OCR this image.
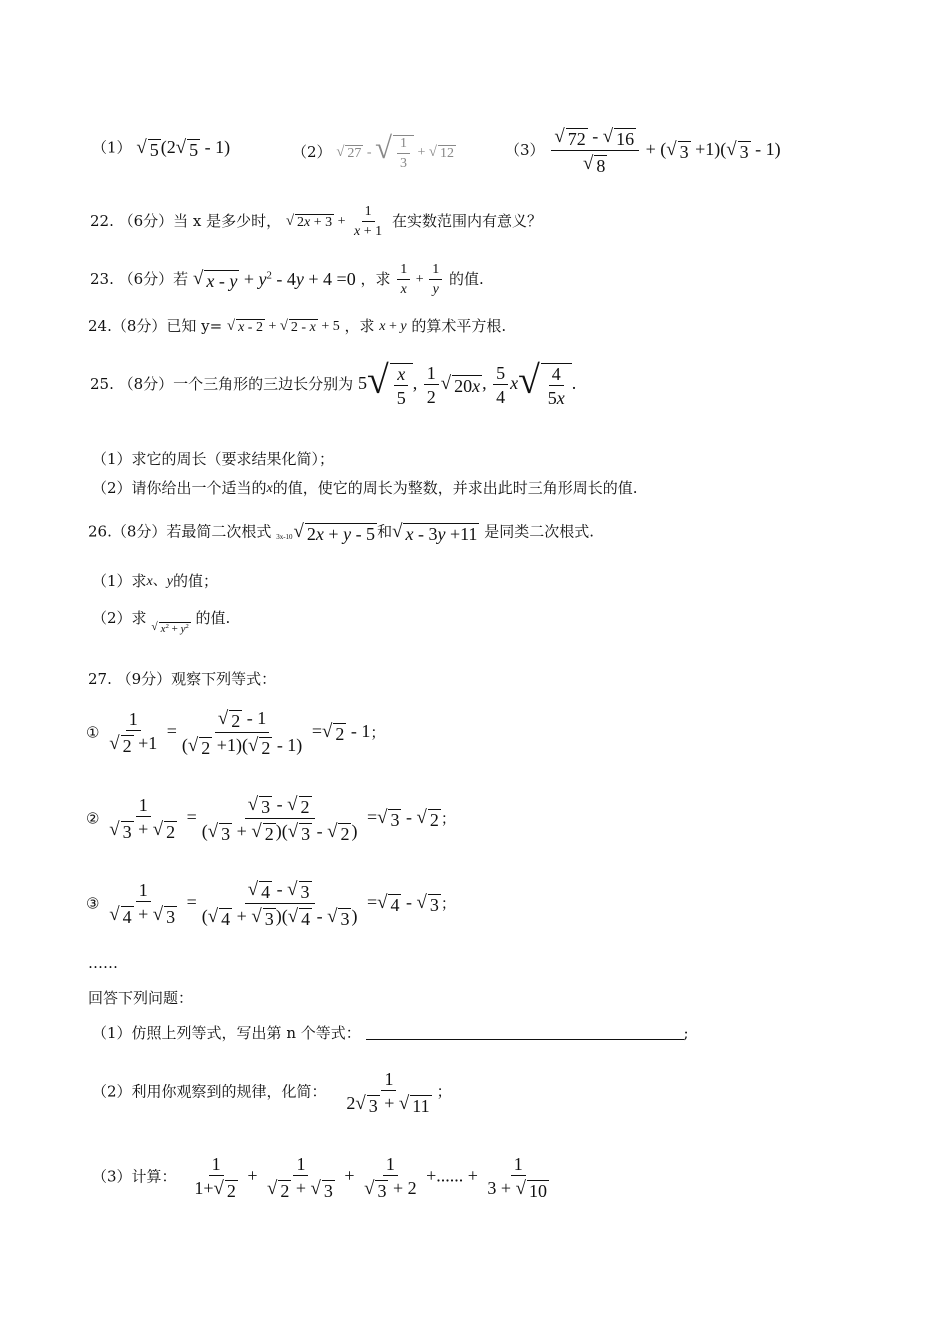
（1） √ 5 (2 √ 5 - 1)	（2） √ 27 - √ $\frac{1}{3}$ + √ 12	$(3) \frac{√ 72 - √ 16}{√ 8}$ + ( √ 3 +1)( √ 3 - 1)
22. （6分）当 x 是多少时， √ $2x + 3 + \frac{1}{x + 1}$ 在实数范围内有意义？
23. （6分）若 √ $x - y + y^2 - 4y + 4 =0$ ，求 $\frac{1}{x} + \frac{1}{y}$ 的值.
24.（8分）已知 y= √ x - 2 + √ 2 - x + 5 ，求 x + y 的算术平方根.
25. （8分）一个三角形的三边长分别为 5 √ $\frac{x}{5}$ , $\frac{1}{2}$ √ 20x , $\frac{5}{4}$ x √ $\frac{4}{5x}$ .
（1）求它的周长（要求结果化简）；
（2）请你给出一个适当的x的值，使它的周长为整数，并求出此时三角形周长的值.
26.（8分）若最简二次根式 3x-10 √ 2x + y - 5 和 √ x - 3y +11 是同类二次根式.
（1）求x、y的值；
（2）求 √ $x^2 + y^2$ 的值.
27. （9分）观察下列等式：
① $\frac{1}{√ 2 +1} = \frac{√ 2 - 1}{( √ 2 +1)( √ 2 - 1)}$ = √ 2 - 1；
② $\frac{1}{√ 3 + √ 2} = \frac{√ 3 - √ 2}{( √ 3 + √ 2 )( √ 3 - √ 2 )}$ = √ 3 - √ 2 ；
③ $\frac{1}{√ 4 + √ 3} = \frac{√ 4 - √ 3}{( √ 4 + √ 3 )( √ 4 - √ 3 )}$ = √ 4 - √ 3 ；
……
回答下列问题：
（1）仿照上列等式，写出第 n 个等式：	;
（2）利用你观察到的规律，化简： $\frac{1}{2 √ 3 + √ 11}$ ；
（3）计算： $\frac{1}{1+ √ 2} + \frac{1}{√ 2 + √ 3} + \frac{1}{√ 3 + 2}$ +...... + $\frac{1}{3 + √ 10}$
